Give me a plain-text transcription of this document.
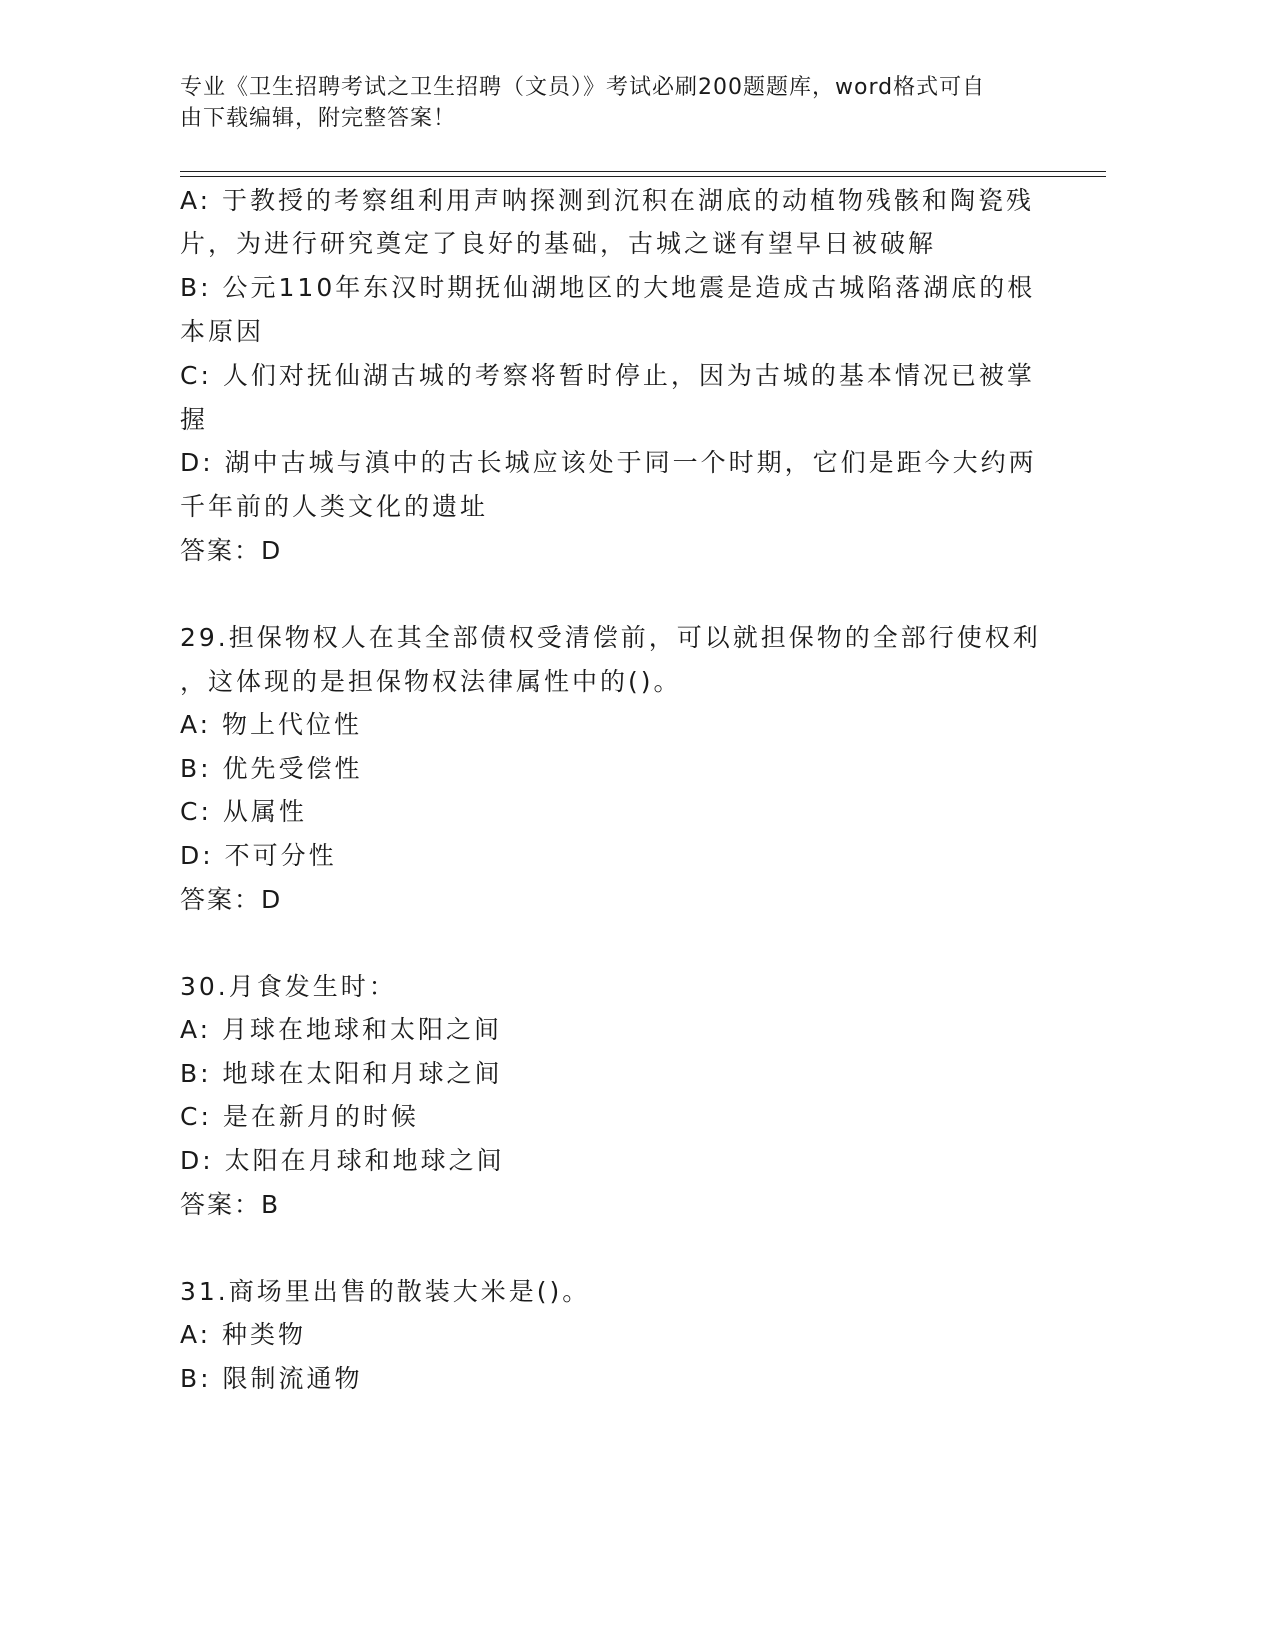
专业《卫生招聘考试之卫生招聘（文员）》考试必刷200题题库，word格式可自
由下载编辑，附完整答案！
A: 于教授的考察组利用声呐探测到沉积在湖底的动植物残骸和陶瓷残
片，为进行研究奠定了良好的基础，古城之谜有望早日被破解
B: 公元110年东汉时期抚仙湖地区的大地震是造成古城陷落湖底的根
本原因
C: 人们对抚仙湖古城的考察将暂时停止，因为古城的基本情况已被掌
握
D: 湖中古城与滇中的古长城应该处于同一个时期，它们是距今大约两
千年前的人类文化的遗址
答案：D
29.担保物权人在其全部债权受清偿前，可以就担保物的全部行使权利
，这体现的是担保物权法律属性中的()。
A: 物上代位性
B: 优先受偿性
C: 从属性
D: 不可分性
答案：D
30.月食发生时：
A: 月球在地球和太阳之间
B: 地球在太阳和月球之间
C: 是在新月的时候
D: 太阳在月球和地球之间
答案：B
31.商场里出售的散装大米是()。
A: 种类物
B: 限制流通物
